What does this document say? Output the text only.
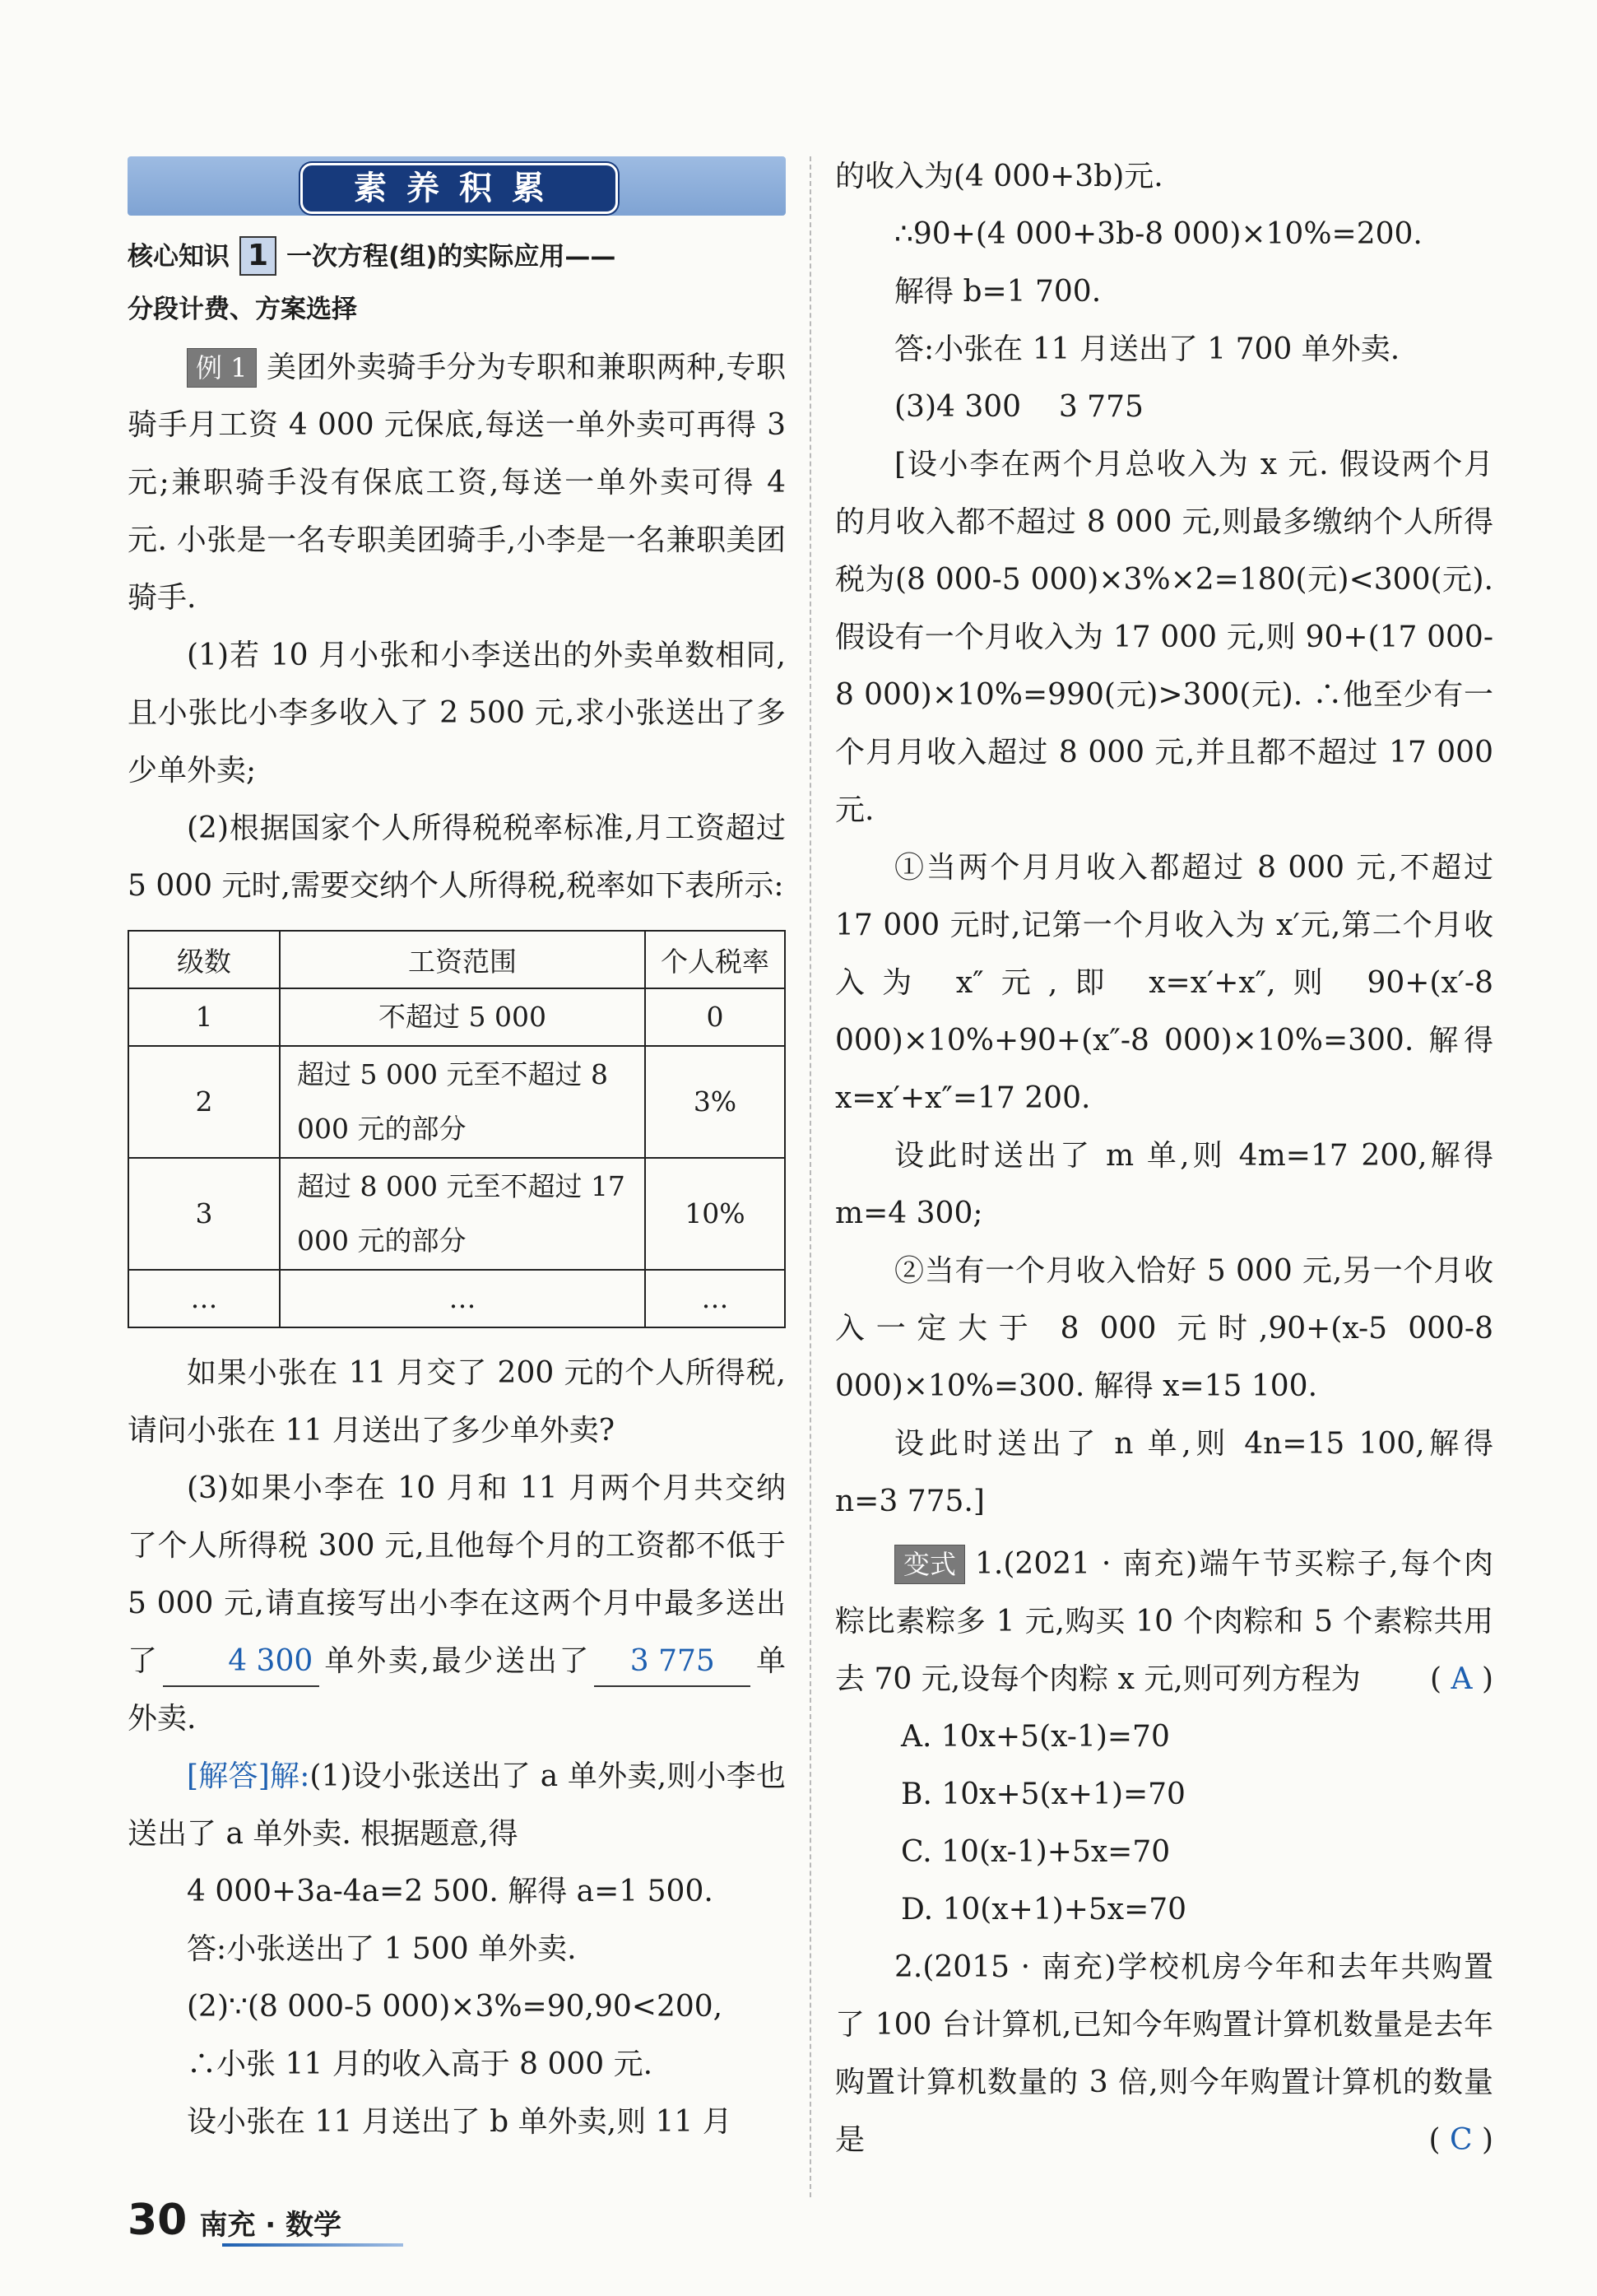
素养积累
核心知识 1 一次方程(组)的实际应用——
分段计费、方案选择

例 1 美团外卖骑手分为专职和兼职两种,专职骑手月工资 4 000 元保底,每送一单外卖可再得 3 元;兼职骑手没有保底工资,每送一单外卖可得 4 元. 小张是一名专职美团骑手,小李是一名兼职美团骑手.

(1)若 10 月小张和小李送出的外卖单数相同,且小张比小李多收入了 2 500 元,求小张送出了多少单外卖;

(2)根据国家个人所得税税率标准,月工资超过 5 000 元时,需要交纳个人所得税,税率如下表所示:

级数	工资范围	个人税率
1	不超过 5 000	0
2	超过 5 000 元至不超过 8 000 元的部分	3%
3	超过 8 000 元至不超过 17 000 元的部分	10%
…	…	…

如果小张在 11 月交了 200 元的个人所得税,请问小张在 11 月送出了多少单外卖?

(3)如果小李在 10 月和 11 月两个月共交纳了个人所得税 300 元,且他每个月的工资都不低于 5 000 元,请直接写出小李在这两个月中最多送出了 4 300 单外卖,最少送出了 3 775 单外卖.

[解答]解:(1)设小张送出了 a 单外卖,则小李也送出了 a 单外卖. 根据题意,得

4 000+3a-4a=2 500. 解得 a=1 500.

答:小张送出了 1 500 单外卖.

(2)∵(8 000-5 000)×3%=90,90<200,

∴小张 11 月的收入高于 8 000 元.

设小张在 11 月送出了 b 单外卖,则 11 月

的收入为(4 000+3b)元.

∴90+(4 000+3b-8 000)×10%=200.

解得 b=1 700.

答:小张在 11 月送出了 1 700 单外卖.

(3)4 300    3 775

[设小李在两个月总收入为 x 元. 假设两个月的月收入都不超过 8 000 元,则最多缴纳个人所得税为(8 000-5 000)×3%×2=180(元)<300(元). 假设有一个月收入为 17 000 元,则 90+(17 000-8 000)×10%=990(元)>300(元). ∴他至少有一个月月收入超过 8 000 元,并且都不超过 17 000 元.

①当两个月月收入都超过 8 000 元,不超过 17 000 元时,记第一个月收入为 x′元,第二个月收入为 x″元,即 x=x′+x″,则 90+(x′-8 000)×10%+90+(x″-8 000)×10%=300. 解得 x=x′+x″=17 200.

设此时送出了 m 单,则 4m=17 200,解得 m=4 300;

②当有一个月收入恰好 5 000 元,另一个月收入一定大于 8 000 元时,90+(x-5 000-8 000)×10%=300. 解得 x=15 100.

设此时送出了 n 单,则 4n=15 100,解得 n=3 775.]

变式 1.(2021 · 南充)端午节买粽子,每个肉粽比素粽多 1 元,购买 10 个肉粽和 5 个素粽共用去 70 元,设每个肉粽 x 元,则可列方程为	( A )

A. 10x+5(x-1)=70
B. 10x+5(x+1)=70
C. 10(x-1)+5x=70
D. 10(x+1)+5x=70

2.(2015 · 南充)学校机房今年和去年共购置了 100 台计算机,已知今年购置计算机数量是去年购置计算机数量的 3 倍,则今年购置计算机的数量是	( C )

30 南充 · 数学
